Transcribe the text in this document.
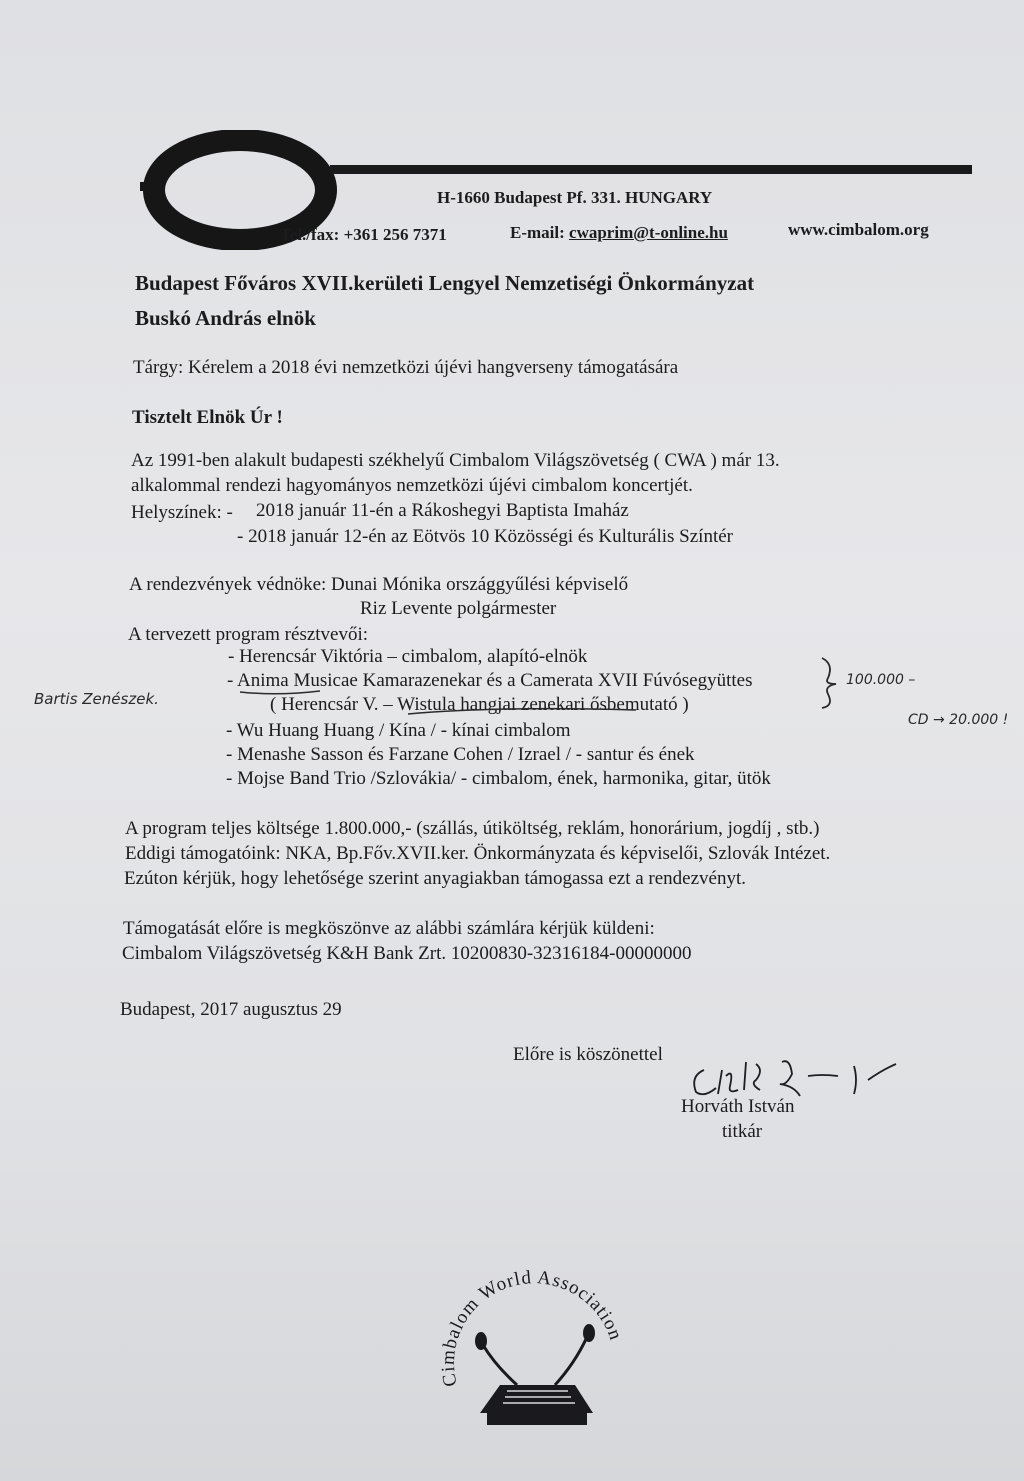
H-1660 Budapest Pf. 331. HUNGARY
Tel./fax: +361 256 7371	E-mail: cwaprim@t-online.hu	www.cimbalom.org
Budapest Főváros XVII.kerületi Lengyel Nemzetiségi Önkormányzat
Buskó András elnök
Tárgy: Kérelem a 2018 évi nemzetközi újévi hangverseny támogatására
Tisztelt Elnök Úr !
Az 1991-ben alakult budapesti székhelyű Cimbalom Világszövetség ( CWA ) már 13.
alkalommal rendezi hagyományos nemzetközi újévi cimbalom koncertjét.
Helyszínek: - 2018 január 11-én a Rákoshegyi Baptista Imaház
- 2018 január 12-én az Eötvös 10 Közösségi és Kulturális Színtér
A rendezvények védnöke: Dunai Mónika országgyűlési képviselő
Riz Levente polgármester
A tervezett program résztvevői:
- Herencsár Viktória – cimbalom, alapító-elnök
- Anima Musicae Kamarazenekar és a Camerata XVII Fúvósegyüttes
( Herencsár V. – Wistula hangjai zenekari ősbemutató )
- Wu Huang Huang / Kína / - kínai cimbalom
- Menashe Sasson és Farzane Cohen / Izrael / - santur és ének
- Mojse Band Trio /Szlovákia/ - cimbalom, ének, harmonika, gitar, ütök
100.000 –
Bartis Zenészek.
CD → 20.000 !
A program teljes költsége 1.800.000,- (szállás, útiköltség, reklám, honorárium, jogdíj , stb.)
Eddigi támogatóink: NKA, Bp.Főv.XVII.ker. Önkormányzata és képviselői, Szlovák Intézet.
Ezúton kérjük, hogy lehetősége szerint anyagiakban támogassa ezt a rendezvényt.
Támogatását előre is megköszönve az alábbi számlára kérjük küldeni:
Cimbalom Világszövetség K&H Bank Zrt. 10200830-32316184-00000000
Budapest, 2017 augusztus 29
Előre is köszönettel
Horváth István
titkár
Cimbalom World Association
